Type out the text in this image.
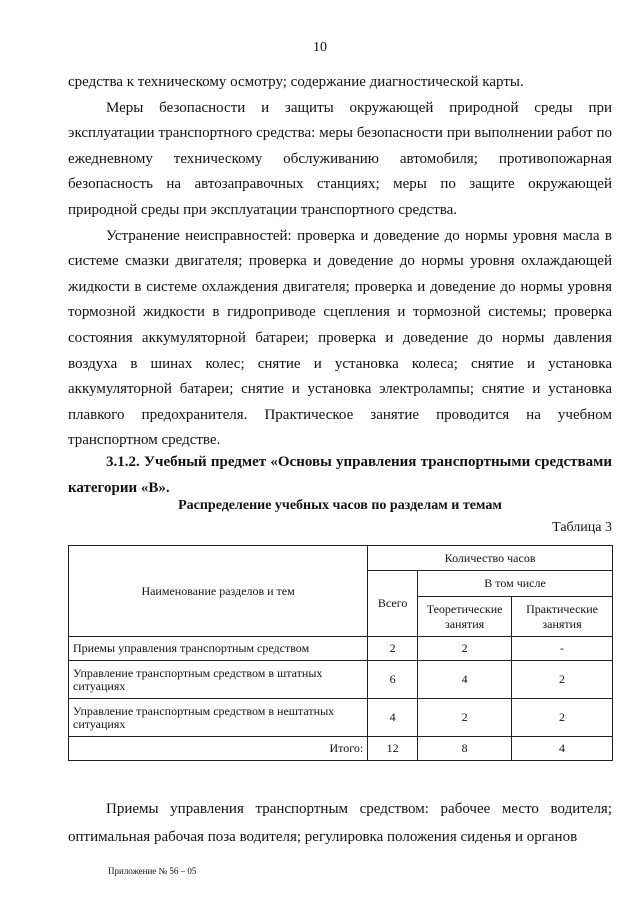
10

средства к техническому осмотру; содержание диагностической карты.

Меры безопасности и защиты окружающей природной среды при эксплуатации транспортного средства: меры безопасности при выполнении работ по ежедневному техническому обслуживанию автомобиля; противопожарная безопасность на автозаправочных станциях; меры по защите окружающей природной среды при эксплуатации транспортного средства.

Устранение неисправностей: проверка и доведение до нормы уровня масла в системе смазки двигателя; проверка и доведение до нормы уровня охлаждающей жидкости в системе охлаждения двигателя; проверка и доведение до нормы уровня тормозной жидкости в гидроприводе сцепления и тормозной системы; проверка состояния аккумуляторной батареи; проверка и доведение до нормы давления воздуха в шинах колес; снятие и установка колеса; снятие и установка аккумуляторной батареи; снятие и установка электролампы; снятие и установка плавкого предохранителя. Практическое занятие проводится на учебном транспортном средстве.

3.1.2. Учебный предмет «Основы управления транспортными средствами категории «В».
Распределение учебных часов по разделам и темам
Таблица 3
Наименование разделов и тем	Количество часов		
	Всего	В том числе	
		Теоретические занятия	Практические занятия
Приемы управления транспортным средством	2	2	-
Управление транспортным средством в штатных ситуациях	6	4	2
Управление транспортным средством в нештатных ситуациях	4	2	2
Итого:	12	8	4

Приемы управления транспортным средством: рабочее место водителя; оптимальная рабочая поза водителя; регулировка положения сиденья и органов

Приложение № 56 – 05
